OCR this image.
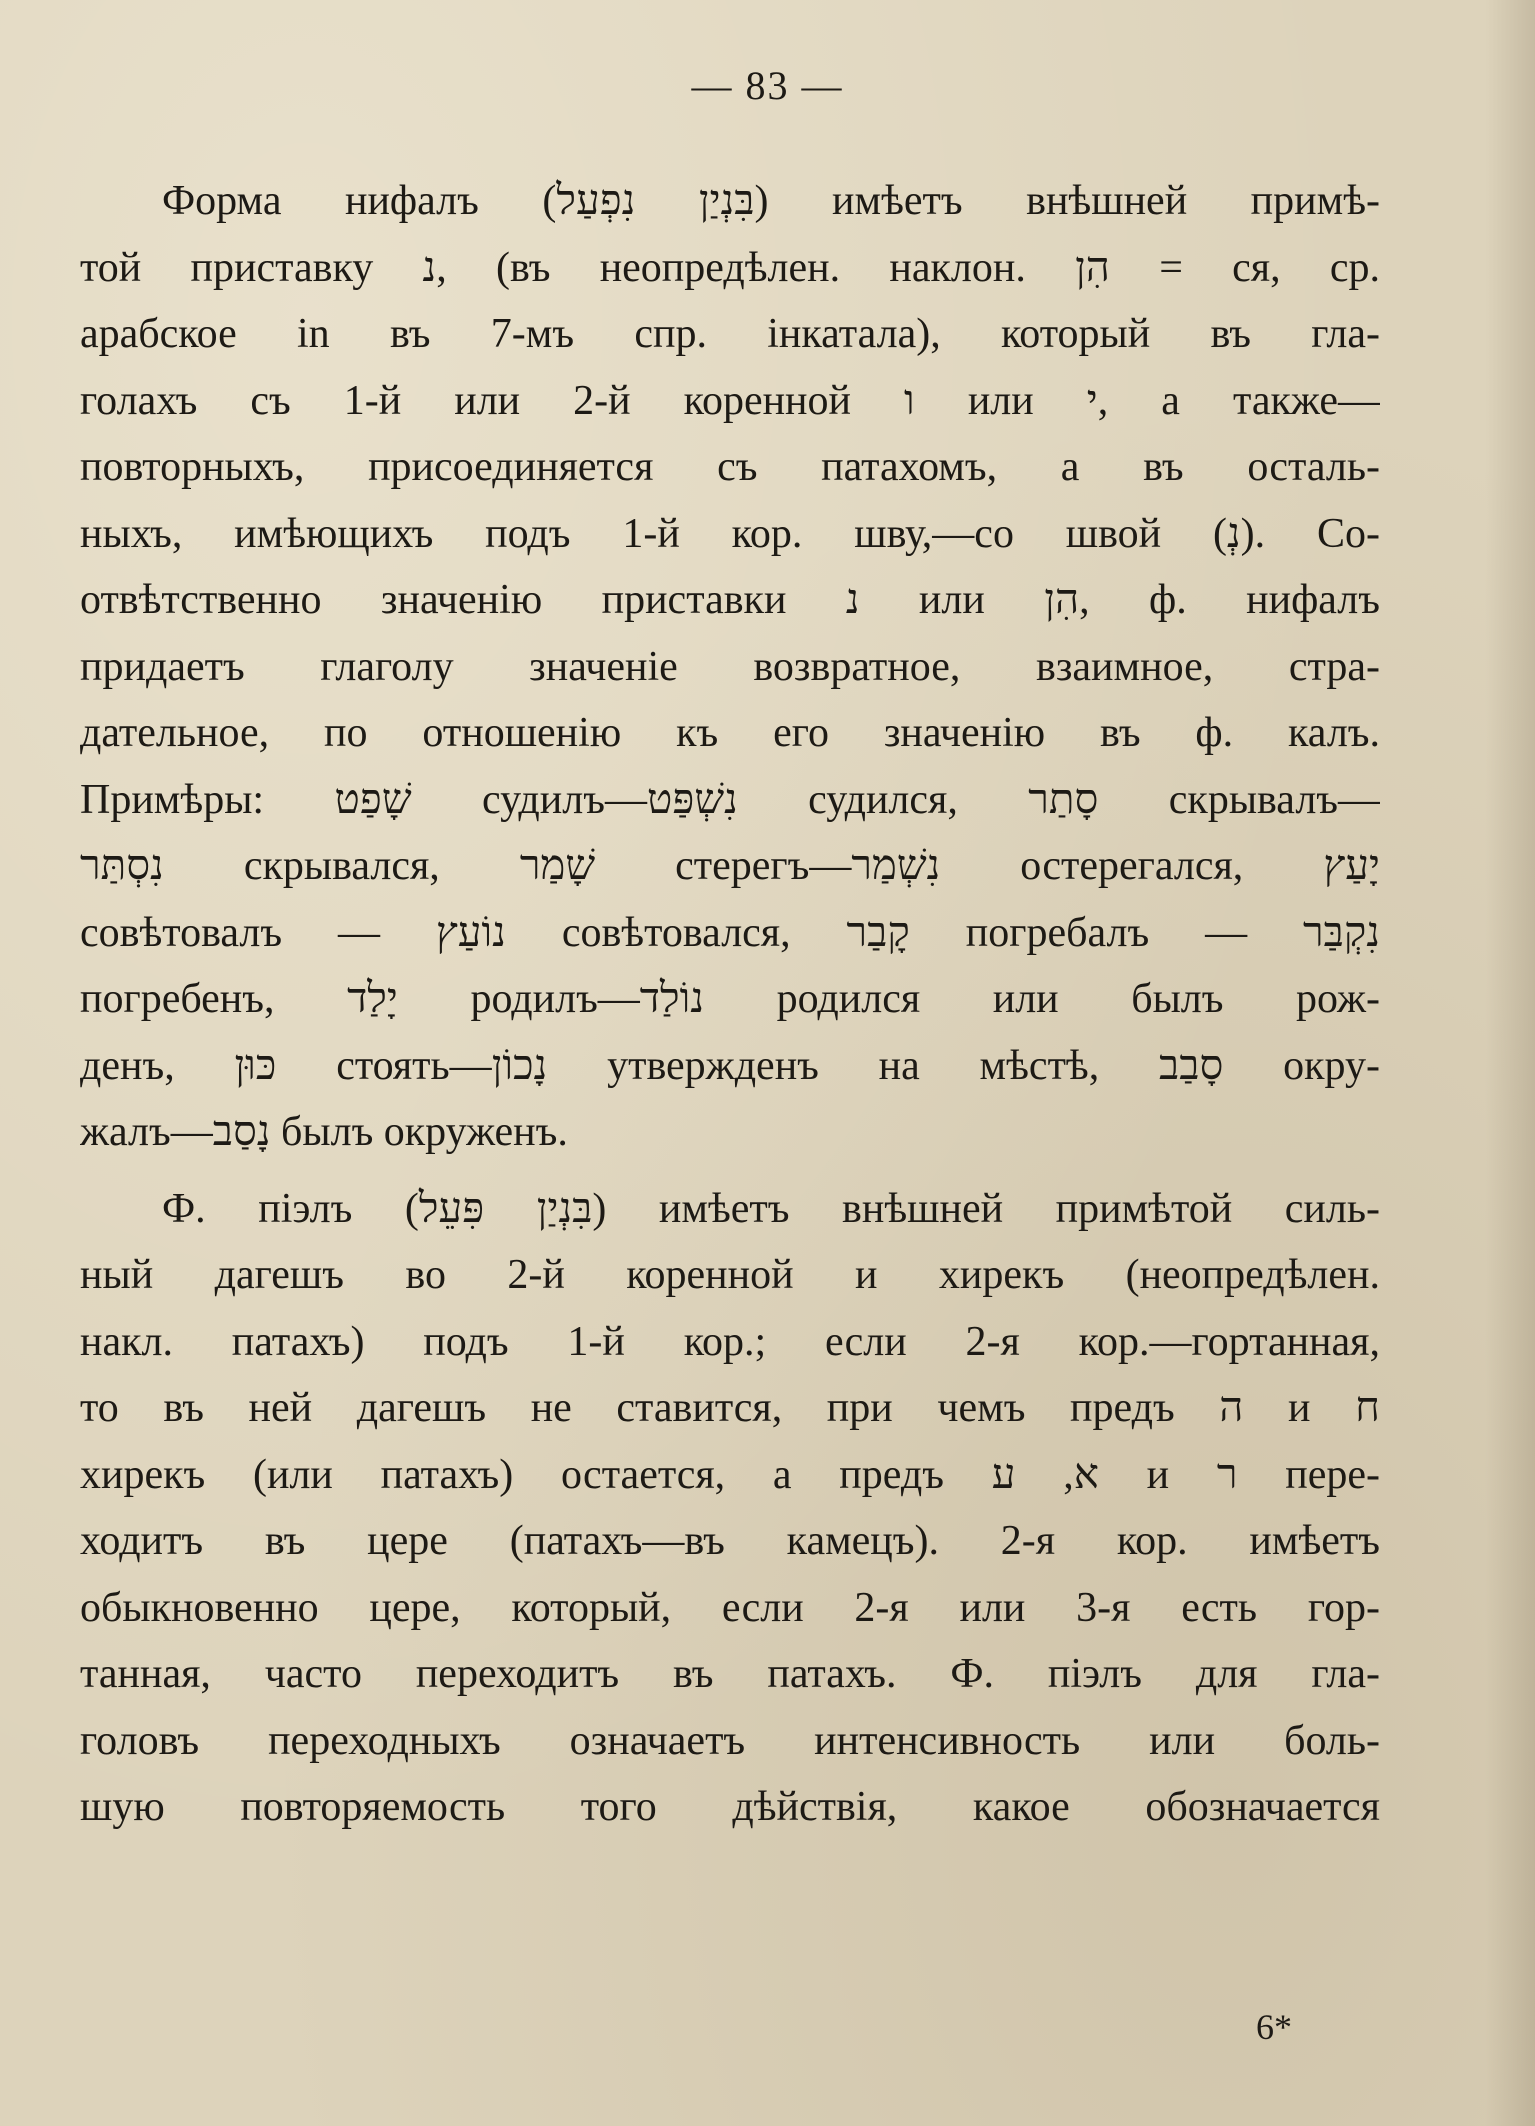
— 83 —
Форма нифалъ (בִּנְיַן נִפְעַל) имѣетъ внѣшней примѣ-
той приставку נ, (въ неопредѣлен. наклон. הִן = ся, ср.
арабское in въ 7-мъ спр. iнкатала), который въ гла-
голахъ съ 1-й или 2-й коренной ו или י, а также—
повторныхъ, присоединяется съ патахомъ, а въ осталь-
ныхъ, имѣющихъ подъ 1-й кор. шву,—со швой (נְ). Со-
отвѣтственно значенiю приставки נ или הִן, ф. нифалъ
придаетъ глаголу значенiе возвратное, взаимное, стра-
дательное, по отношенiю къ его значенiю въ ф. калъ.
Примѣры: שָׁפַט судилъ—נִשְׁפַּט судился, סָתַר скрывалъ—
נִסְתַּר скрывался, שָׁמַר стерегъ—נִשְׁמַר остерегался, יָעַץ
совѣтовалъ — נוֹעַץ совѣтовался, קָבַר погребалъ — נִקְבַּר
погребенъ, יָלַד родилъ—נוֹלַד родился или былъ рож-
денъ, כּוּן стоять—נָכוֹן утвержденъ на мѣстѣ, סָבַב окру-
жалъ—נָסַב былъ окруженъ.
Ф. пiэлъ (בִּנְיַן פִּעֵל) имѣетъ внѣшней примѣтой силь-
ный дагешъ во 2-й коренной и хирекъ (неопредѣлен.
накл. патахъ) подъ 1-й кор.; если 2-я кор.—гортанная,
то въ ней дагешъ не ставится, при чемъ предъ ה и ח
хирекъ (или патахъ) остается, а предъ א, ע и ר пере-
ходитъ въ цере (патахъ—въ камецъ). 2-я кор. имѣетъ
обыкновенно цере, который, если 2-я или 3-я есть гор-
танная, часто переходитъ въ патахъ. Ф. пiэлъ для гла-
головъ переходныхъ означаетъ интенсивность или боль-
шую повторяемость того дѣйствiя, какое обозначается
6*
